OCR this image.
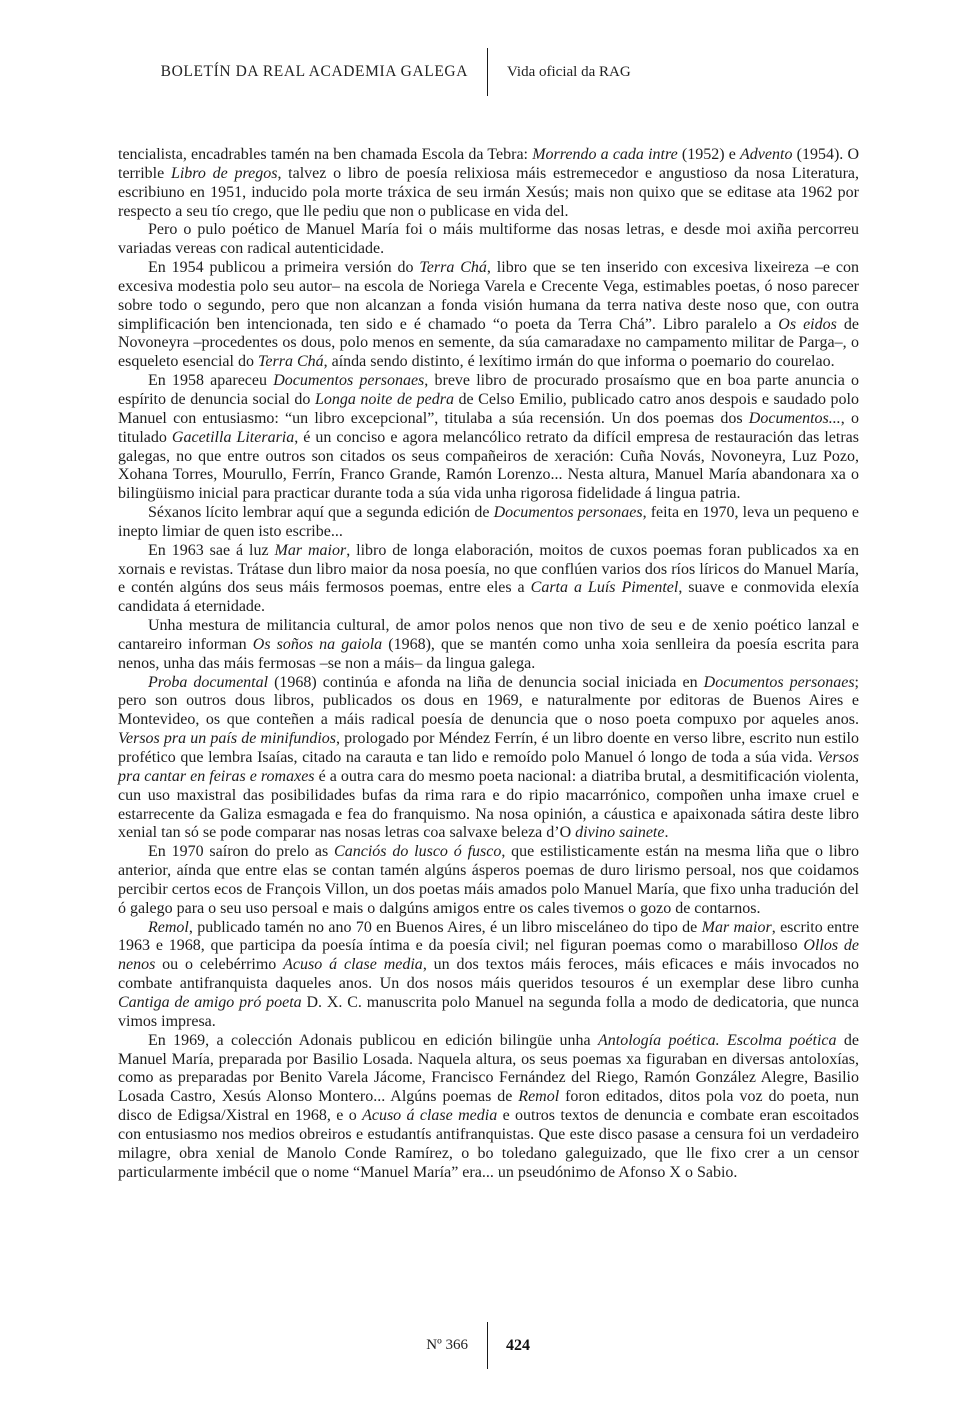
BOLETÍN DA REAL ACADEMIA GALEGA	Vida oficial da RAG

tencialista, encadrables tamén na ben chamada Escola da Tebra: Morrendo a cada intre (1952) e Advento (1954). O terrible Libro de pregos, talvez o libro de poesía relixiosa máis estremecedor e angustioso da nosa Literatura, escribiuno en 1951, inducido pola morte tráxica de seu irmán Xesús; mais non quixo que se editase ata 1962 por respecto a seu tío crego, que lle pediu que non o publicase en vida del.

Pero o pulo poético de Manuel María foi o máis multiforme das nosas letras, e desde moi axiña percorreu variadas vereas con radical autenticidade.

En 1954 publicou a primeira versión do Terra Chá, libro que se ten inserido con excesiva lixeireza –e con excesiva modestia polo seu autor– na escola de Noriega Varela e Crecente Vega, estimables poetas, ó noso parecer sobre todo o segundo, pero que non alcanzan a fonda visión humana da terra nativa deste noso que, con outra simplificación ben intencionada, ten sido e é chamado “o poeta da Terra Chá”. Libro paralelo a Os eidos de Novoneyra –procedentes os dous, polo menos en semente, da súa camaradaxe no campamento militar de Parga–, o esqueleto esencial do Terra Chá, aínda sendo distinto, é lexítimo irmán do que informa o poemario do courelao.

En 1958 apareceu Documentos personaes, breve libro de procurado prosaísmo que en boa parte anuncia o espírito de denuncia social do Longa noite de pedra de Celso Emilio, publicado catro anos despois e saudado polo Manuel con entusiasmo: “un libro excepcional”, titulaba a súa recensión. Un dos poemas dos Documentos..., o titulado Gacetilla Literaria, é un conciso e agora melancólico retrato da difícil empresa de restauración das letras galegas, no que entre outros son citados os seus compañeiros de xeración: Cuña Novás, Novoneyra, Luz Pozo, Xohana Torres, Mourullo, Ferrín, Franco Grande, Ramón Lorenzo... Nesta altura, Manuel María abandonara xa o bilingüismo inicial para practicar durante toda a súa vida unha rigorosa fidelidade á lingua patria.

Séxanos lícito lembrar aquí que a segunda edición de Documentos personaes, feita en 1970, leva un pequeno e inepto limiar de quen isto escribe...

En 1963 sae á luz Mar maior, libro de longa elaboración, moitos de cuxos poemas foran publicados xa en xornais e revistas. Trátase dun libro maior da nosa poesía, no que conflúen varios dos ríos líricos do Manuel María, e contén algúns dos seus máis fermosos poemas, entre eles a Carta a Luís Pimentel, suave e conmovida elexía candidata á eternidade.

Unha mestura de militancia cultural, de amor polos nenos que non tivo de seu e de xenio poético lanzal e cantareiro informan Os soños na gaiola (1968), que se mantén como unha xoia senlleira da poesía escrita para nenos, unha das máis fermosas –se non a máis– da lingua galega.

Proba documental (1968) continúa e afonda na liña de denuncia social iniciada en Documentos personaes; pero son outros dous libros, publicados os dous en 1969, e naturalmente por editoras de Buenos Aires e Montevideo, os que conteñen a máis radical poesía de denuncia que o noso poeta compuxo por aqueles anos. Versos pra un país de minifundios, prologado por Méndez Ferrín, é un libro doente en verso libre, escrito nun estilo profético que lembra Isaías, citado na carauta e tan lido e remoído polo Manuel ó longo de toda a súa vida. Versos pra cantar en feiras e romaxes é a outra cara do mesmo poeta nacional: a diatriba brutal, a desmitificación violenta, cun uso maxistral das posibilidades bufas da rima rara e do ripio macarrónico, compoñen unha imaxe cruel e estarrecente da Galiza esmagada e fea do franquismo. Na nosa opinión, a cáustica e apaixonada sátira deste libro xenial tan só se pode comparar nas nosas letras coa salvaxe beleza d’O divino sainete.

En 1970 saíron do prelo as Canciós do lusco ó fusco, que estilisticamente están na mesma liña que o libro anterior, aínda que entre elas se contan tamén algúns ásperos poemas de duro lirismo persoal, nos que coidamos percibir certos ecos de François Villon, un dos poetas máis amados polo Manuel María, que fixo unha tradución del ó galego para o seu uso persoal e mais o dalgúns amigos entre os cales tivemos o gozo de contarnos.

Remol, publicado tamén no ano 70 en Buenos Aires, é un libro misceláneo do tipo de Mar maior, escrito entre 1963 e 1968, que participa da poesía íntima e da poesía civil; nel figuran poemas como o marabilloso Ollos de nenos ou o celebérrimo Acuso á clase media, un dos textos máis feroces, máis eficaces e máis invocados no combate antifranquista daqueles anos. Un dos nosos máis queridos tesouros é un exemplar dese libro cunha Cantiga de amigo pró poeta D. X. C. manuscrita polo Manuel na segunda folla a modo de dedicatoria, que nunca vimos impresa.

En 1969, a colección Adonais publicou en edición bilingüe unha Antología poética. Escolma poética de Manuel María, preparada por Basilio Losada. Naquela altura, os seus poemas xa figuraban en diversas antoloxías, como as preparadas por Benito Varela Jácome, Francisco Fernández del Riego, Ramón González Alegre, Basilio Losada Castro, Xesús Alonso Montero... Algúns poemas de Remol foron editados, ditos pola voz do poeta, nun disco de Edigsa/Xistral en 1968, e o Acuso á clase media e outros textos de denuncia e combate eran escoitados con entusiasmo nos medios obreiros e estudantís antifranquistas. Que este disco pasase a censura foi un verdadeiro milagre, obra xenial de Manolo Conde Ramírez, o bo toledano galeguizado, que lle fixo crer a un censor particularmente imbécil que o nome “Manuel María” era... un pseudónimo de Afonso X o Sabio.

Nº 366	424
